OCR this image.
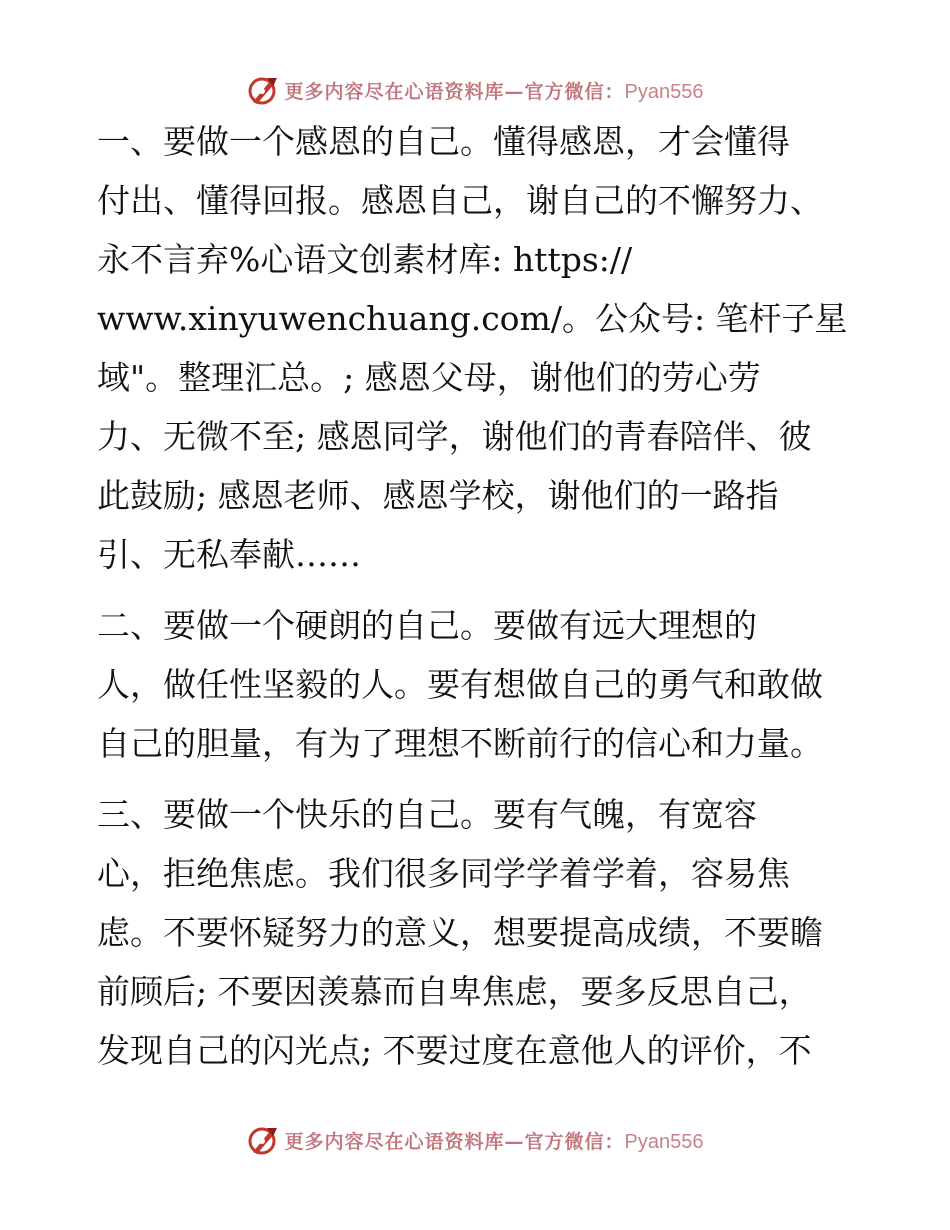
更多内容尽在心语资料库—官方微信：Pyan556

一、要做一个感恩的自己。懂得感恩，才会懂得
付出、懂得回报。感恩自己，谢自己的不懈努力、
永不言弃%心语文创素材库: https://
www.xinyuwenchuang.com/。公众号: 笔杆子星
域"。整理汇总。; 感恩父母，谢他们的劳心劳
力、无微不至; 感恩同学，谢他们的青春陪伴、彼
此鼓励; 感恩老师、感恩学校，谢他们的一路指
引、无私奉献……

二、要做一个硬朗的自己。要做有远大理想的
人，做任性坚毅的人。要有想做自己的勇气和敢做
自己的胆量，有为了理想不断前行的信心和力量。

三、要做一个快乐的自己。要有气魄，有宽容
心，拒绝焦虑。我们很多同学学着学着，容易焦
虑。不要怀疑努力的意义，想要提高成绩，不要瞻
前顾后; 不要因羡慕而自卑焦虑，要多反思自己，
发现自己的闪光点; 不要过度在意他人的评价，不

更多内容尽在心语资料库—官方微信：Pyan556
